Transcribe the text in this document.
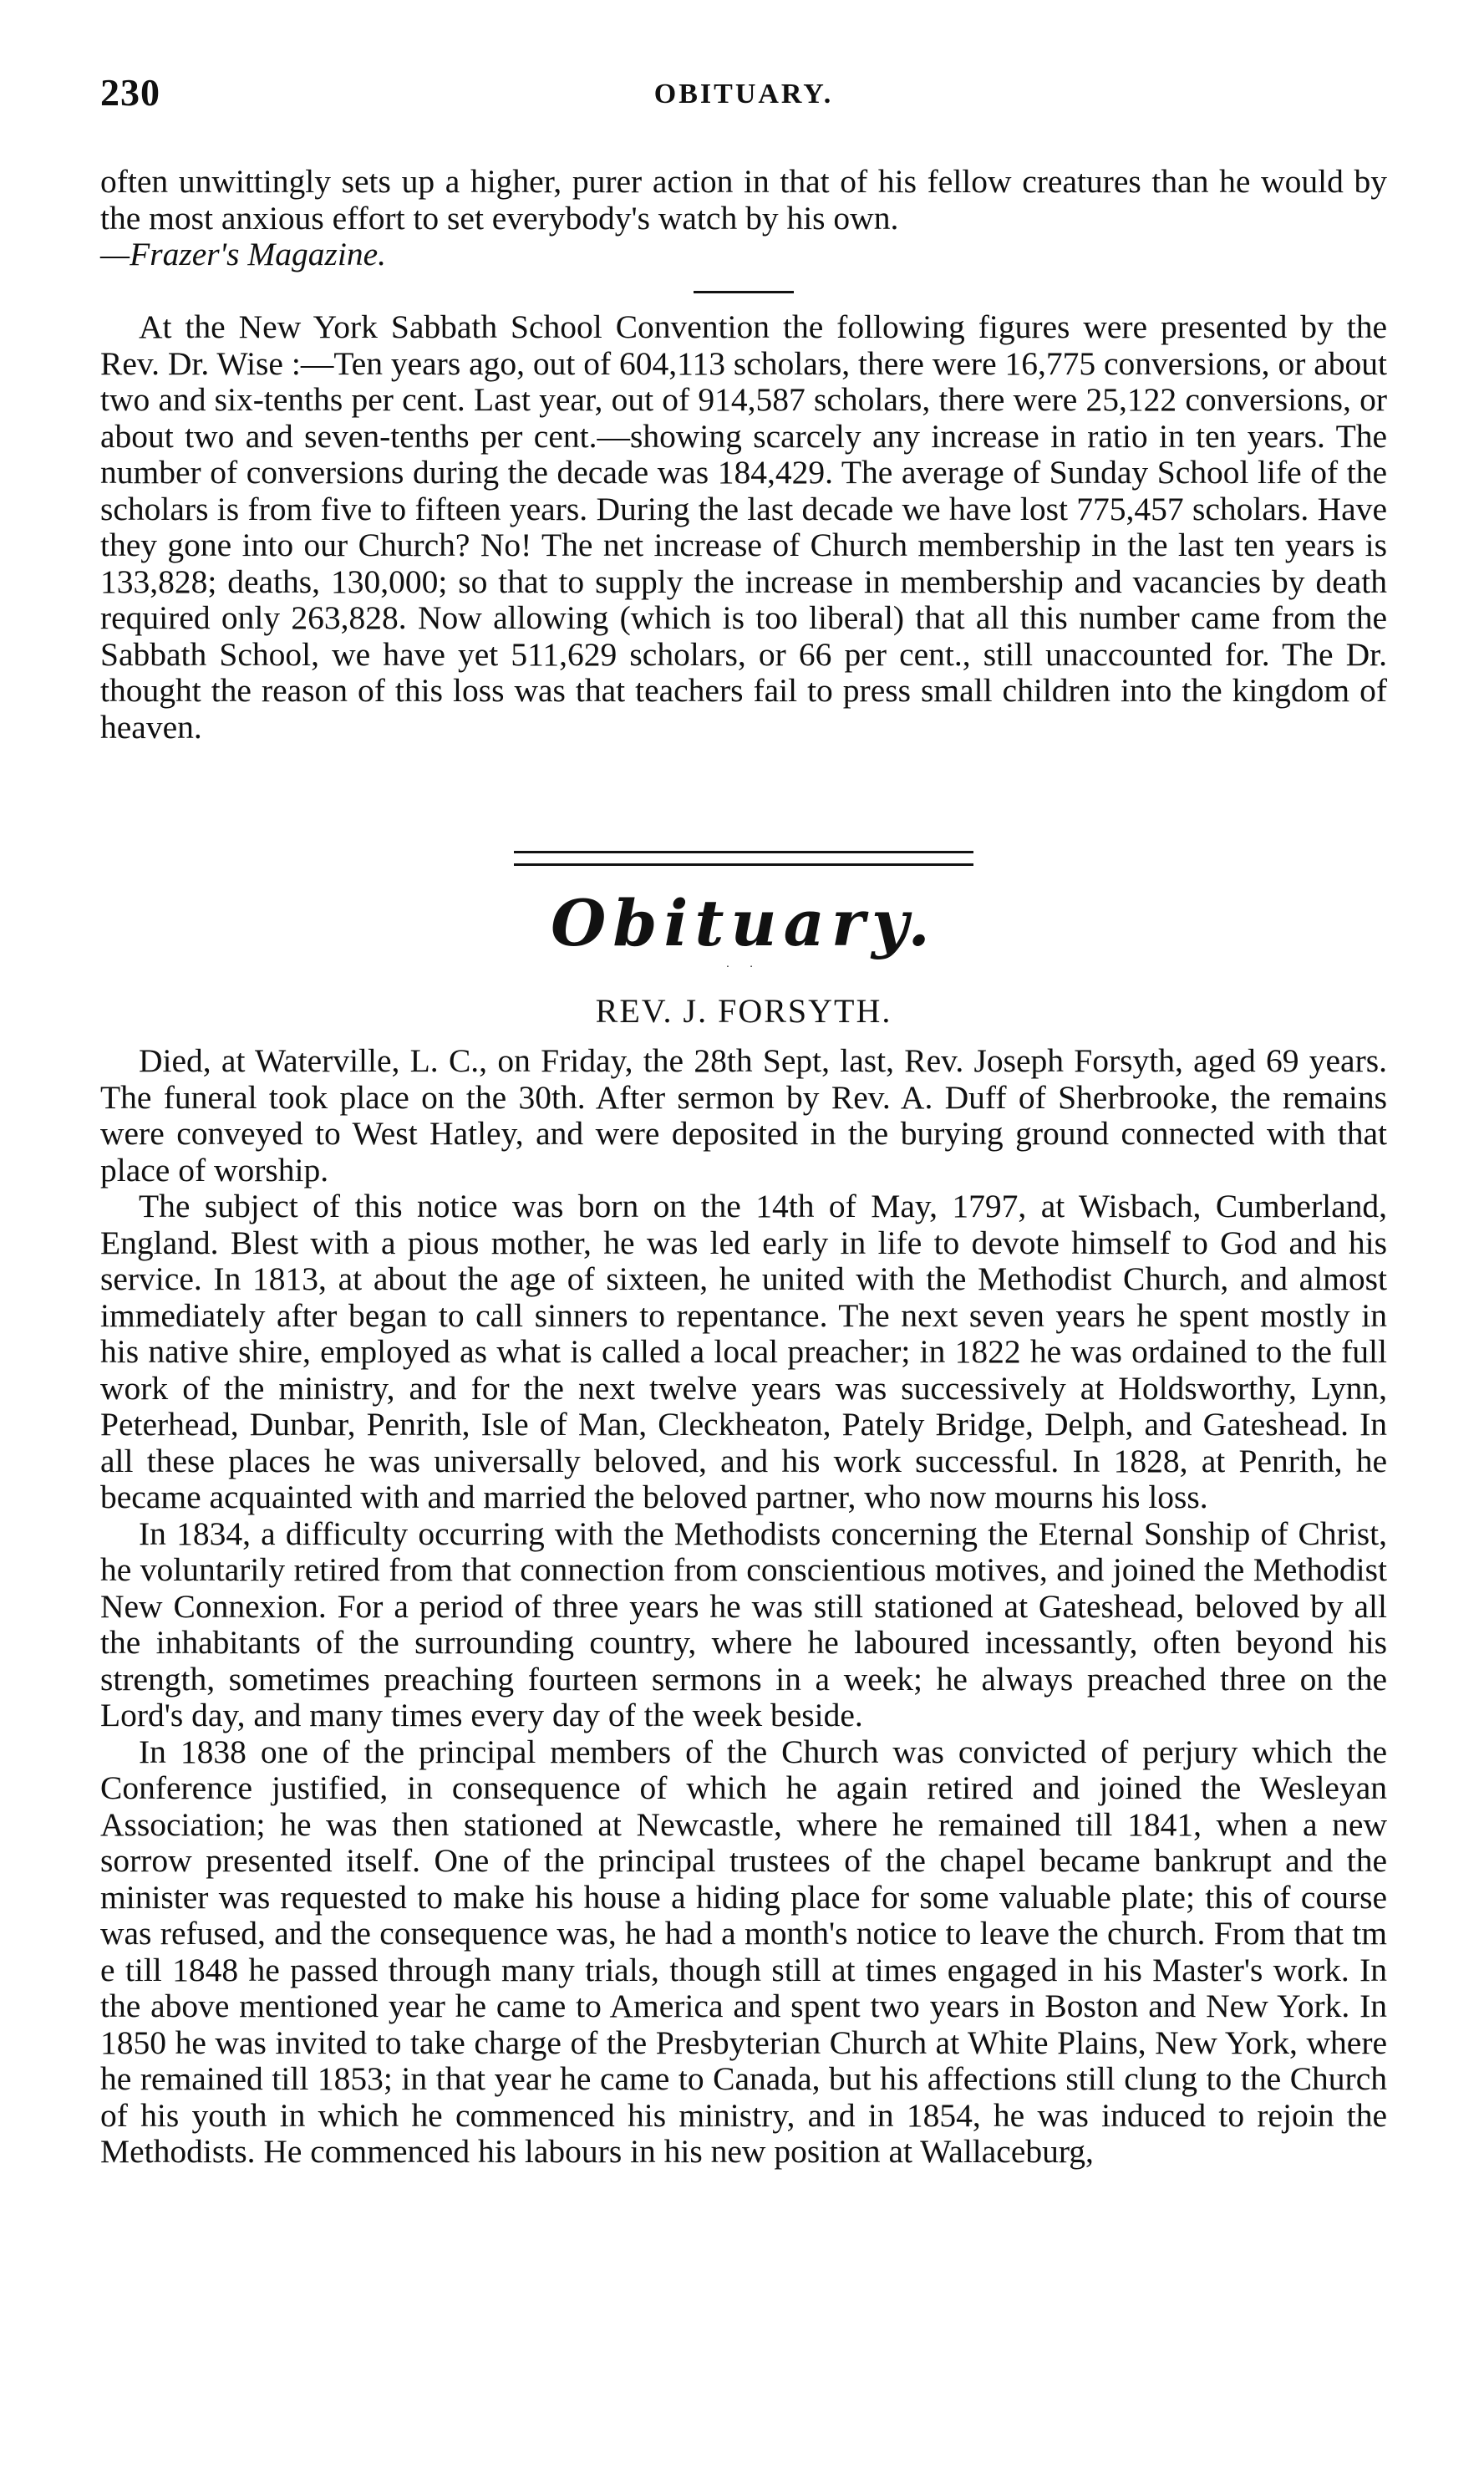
230	OBITUARY.

often unwittingly sets up a higher, purer action in that of his fellow creatures than he would by the most anxious effort to set everybody's watch by his own.

—Frazer's Magazine.

At the New York Sabbath School Convention the following figures were presented by the Rev. Dr. Wise :—Ten years ago, out of 604,113 scholars, there were 16,775 conversions, or about two and six-tenths per cent. Last year, out of 914,587 scholars, there were 25,122 conversions, or about two and seven-tenths per cent.—showing scarcely any increase in ratio in ten years. The number of conversions during the decade was 184,429. The average of Sunday School life of the scholars is from five to fifteen years. During the last decade we have lost 775,457 scholars. Have they gone into our Church? No! The net increase of Church membership in the last ten years is 133,828; deaths, 130,000; so that to supply the increase in membership and vacancies by death required only 263,828. Now allowing (which is too liberal) that all this number came from the Sabbath School, we have yet 511,629 scholars, or 66 per cent., still unaccounted for. The Dr. thought the reason of this loss was that teachers fail to press small children into the kingdom of heaven.

Obituary.
· ·
REV. J. FORSYTH.

Died, at Waterville, L. C., on Friday, the 28th Sept, last, Rev. Joseph Forsyth, aged 69 years. The funeral took place on the 30th. After sermon by Rev. A. Duff of Sherbrooke, the remains were conveyed to West Hatley, and were deposited in the burying ground connected with that place of worship.

The subject of this notice was born on the 14th of May, 1797, at Wisbach, Cumberland, England. Blest with a pious mother, he was led early in life to devote himself to God and his service. In 1813, at about the age of sixteen, he united with the Methodist Church, and almost immediately after began to call sinners to repentance. The next seven years he spent mostly in his native shire, employed as what is called a local preacher; in 1822 he was ordained to the full work of the ministry, and for the next twelve years was successively at Holdsworthy, Lynn, Peterhead, Dunbar, Penrith, Isle of Man, Cleckheaton, Pately Bridge, Delph, and Gateshead. In all these places he was universally beloved, and his work successful. In 1828, at Penrith, he became acquainted with and married the beloved partner, who now mourns his loss.

In 1834, a difficulty occurring with the Methodists concerning the Eternal Sonship of Christ, he voluntarily retired from that connection from conscientious motives, and joined the Methodist New Connexion. For a period of three years he was still stationed at Gateshead, beloved by all the inhabitants of the surrounding country, where he laboured incessantly, often beyond his strength, sometimes preaching fourteen sermons in a week; he always preached three on the Lord's day, and many times every day of the week beside.

In 1838 one of the principal members of the Church was convicted of perjury which the Conference justified, in consequence of which he again retired and joined the Wesleyan Association; he was then stationed at Newcastle, where he remained till 1841, when a new sorrow presented itself. One of the principal trustees of the chapel became bankrupt and the minister was requested to make his house a hiding place for some valuable plate; this of course was refused, and the consequence was, he had a month's notice to leave the church. From that tm e till 1848 he passed through many trials, though still at times engaged in his Master's work. In the above mentioned year he came to America and spent two years in Boston and New York. In 1850 he was invited to take charge of the Presbyterian Church at White Plains, New York, where he remained till 1853; in that year he came to Canada, but his affections still clung to the Church of his youth in which he commenced his ministry, and in 1854, he was induced to rejoin the Methodists. He commenced his labours in his new position at Wallaceburg,
